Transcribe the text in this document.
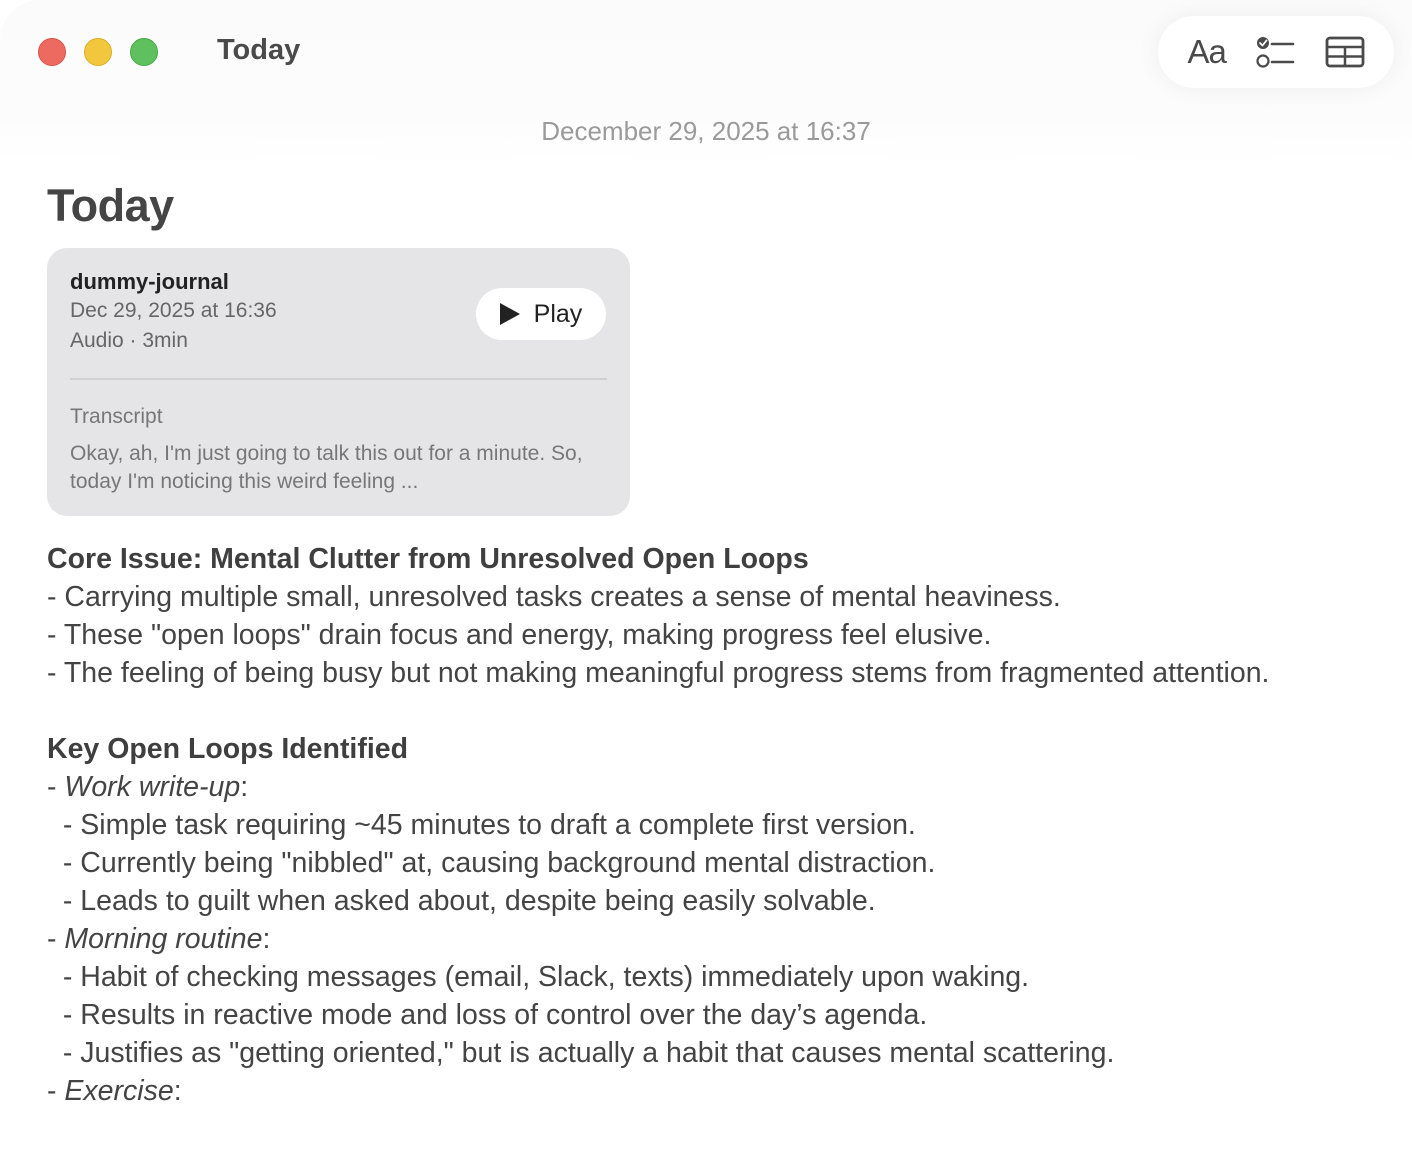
Today	Aa
December 29, 2025 at 16:37
Today
dummy-journal
Dec 29, 2025 at 16:36
Audio · 3min
Play
Transcript
Okay, ah, I'm just going to talk this out for a minute. So, today I'm noticing this weird feeling ...
Core Issue: Mental Clutter from Unresolved Open Loops
- Carrying multiple small, unresolved tasks creates a sense of mental heaviness.
- These "open loops" drain focus and energy, making progress feel elusive.
- The feeling of being busy but not making meaningful progress stems from fragmented attention.
Key Open Loops Identified
- Work write-up:
- Simple task requiring ~45 minutes to draft a complete first version.
- Currently being "nibbled" at, causing background mental distraction.
- Leads to guilt when asked about, despite being easily solvable.
- Morning routine:
- Habit of checking messages (email, Slack, texts) immediately upon waking.
- Results in reactive mode and loss of control over the day’s agenda.
- Justifies as "getting oriented," but is actually a habit that causes mental scattering.
- Exercise:
